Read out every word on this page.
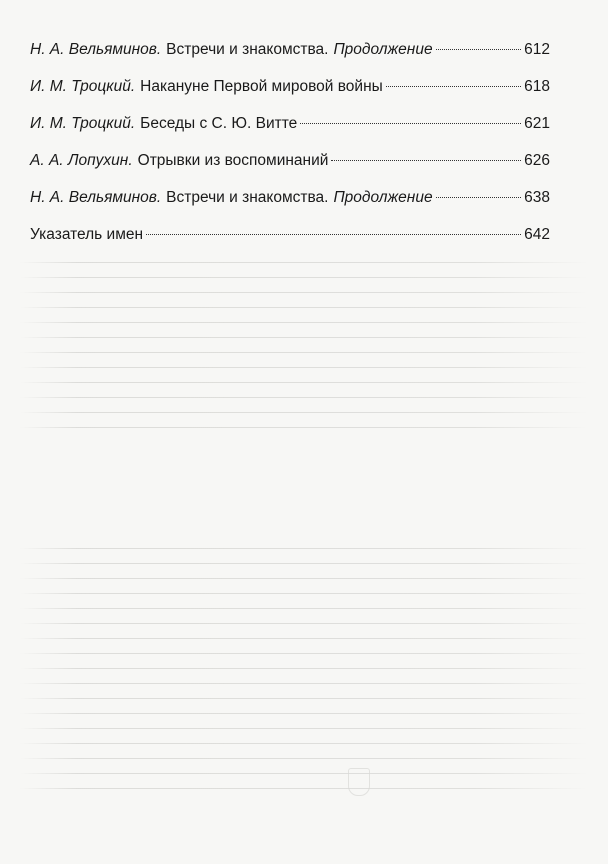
Н. А. Вельяминов. Встречи и знакомства. Продолжение	612
И. М. Троцкий. Накануне Первой мировой войны	618
И. М. Троцкий. Беседы с С. Ю. Витте	621
А. А. Лопухин. Отрывки из воспоминаний	626
Н. А. Вельяминов. Встречи и знакомства. Продолжение	638
Указатель имен	642
